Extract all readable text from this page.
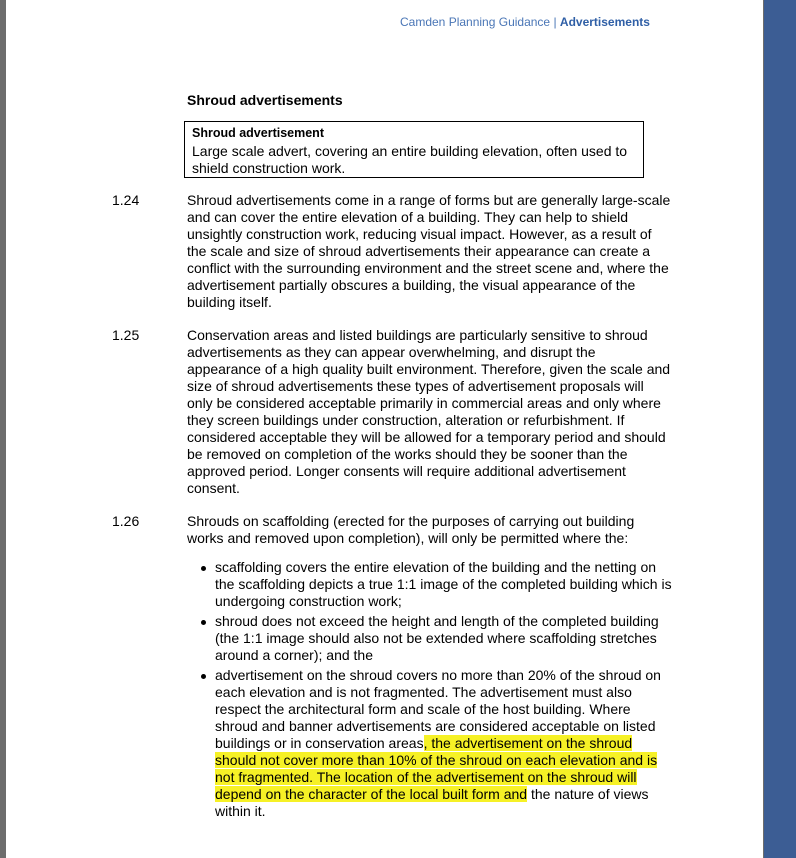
Camden Planning Guidance | Advertisements
Shroud advertisements
Shroud advertisement
Large scale advert, covering an entire building elevation, often used to shield construction work.
1.24	Shroud advertisements come in a range of forms but are generally large-scale and can cover the entire elevation of a building. They can help to shield unsightly construction work, reducing visual impact. However, as a result of the scale and size of shroud advertisements their appearance can create a conflict with the surrounding environment and the street scene and, where the advertisement partially obscures a building, the visual appearance of the building itself.
1.25	Conservation areas and listed buildings are particularly sensitive to shroud advertisements as they can appear overwhelming, and disrupt the appearance of a high quality built environment. Therefore, given the scale and size of shroud advertisements these types of advertisement proposals will only be considered acceptable primarily in commercial areas and only where they screen buildings under construction, alteration or refurbishment. If considered acceptable they will be allowed for a temporary period and should be removed on completion of the works should they be sooner than the approved period. Longer consents will require additional advertisement consent.
1.26	Shrouds on scaffolding (erected for the purposes of carrying out building works and removed upon completion), will only be permitted where the:
scaffolding covers the entire elevation of the building and the netting on the scaffolding depicts a true 1:1 image of the completed building which is undergoing construction work;
shroud does not exceed the height and length of the completed building (the 1:1 image should also not be extended where scaffolding stretches around a corner); and the
advertisement on the shroud covers no more than 20% of the shroud on each elevation and is not fragmented. The advertisement must also respect the architectural form and scale of the host building. Where shroud and banner advertisements are considered acceptable on listed buildings or in conservation areas, the advertisement on the shroud should not cover more than 10% of the shroud on each elevation and is not fragmented. The location of the advertisement on the shroud will depend on the character of the local built form and the nature of views within it.
